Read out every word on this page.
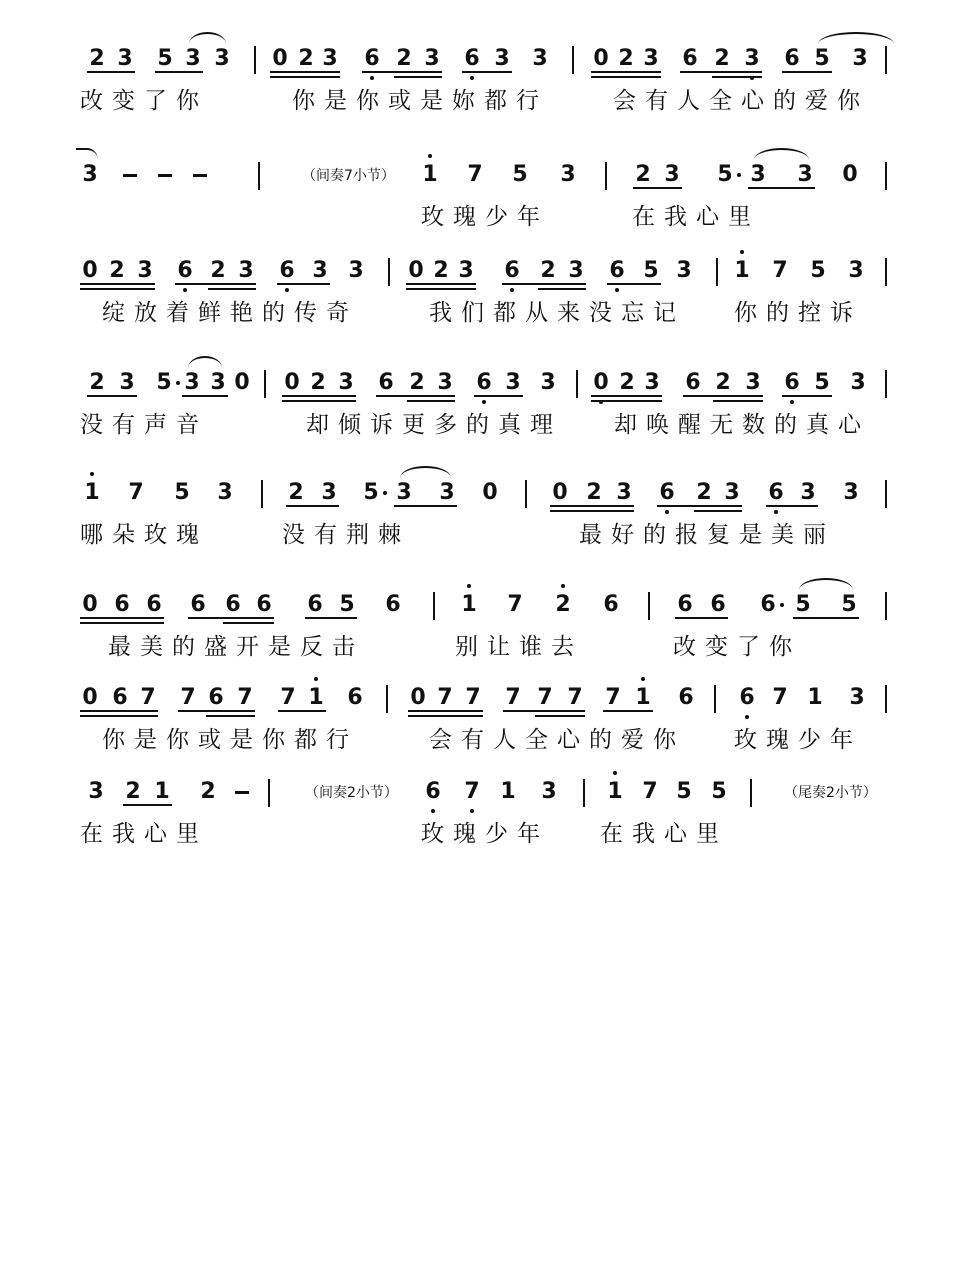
2 3 5 3 3 0 2 3 6 2 3 6 3 3 0 2 3 6 2 3 6 5 3
改变了你	你是你或是妳都行	会有人全心的爱你
3	1 7 5 3	2 3 5 3 3 0
玫瑰少年	在我心里
（间奏7小节）
0 2 3 6 2 3 6 3 3 0 2 3 6 2 3 6 5 3 1 7 5 3
绽放着鲜艳的传奇	我们都从来没忘记 你的控诉
2 3 5 3 3 0 0 2 3 6 2 3 6 3 3 0 2 3 6 2 3 6 5 3
没有声音	却倾诉更多的真理 却唤醒无数的真心
1 7 5 3	2 3 5 3 3 0 0 2 3 6 2 3 6 3 3
哪朵玫瑰	没有荆棘	最好的报复是美丽
0 6 6 6 6 6 6 5 6	1 7 2 6	6 6 6 5 5
最美的盛开是反击	别让谁去	改变了你
0 6 7 7 6 7 7 1 6 0 7 7 7 7 7 7 1 6 6 7 1 3
你是你或是你都行	会有人全心的爱你 玫瑰少年
3 2 1 2	6 7 1 3 1 7 5 5
在我心里	玫瑰少年 在我心里
（间奏2小节）	（尾奏2小节）
